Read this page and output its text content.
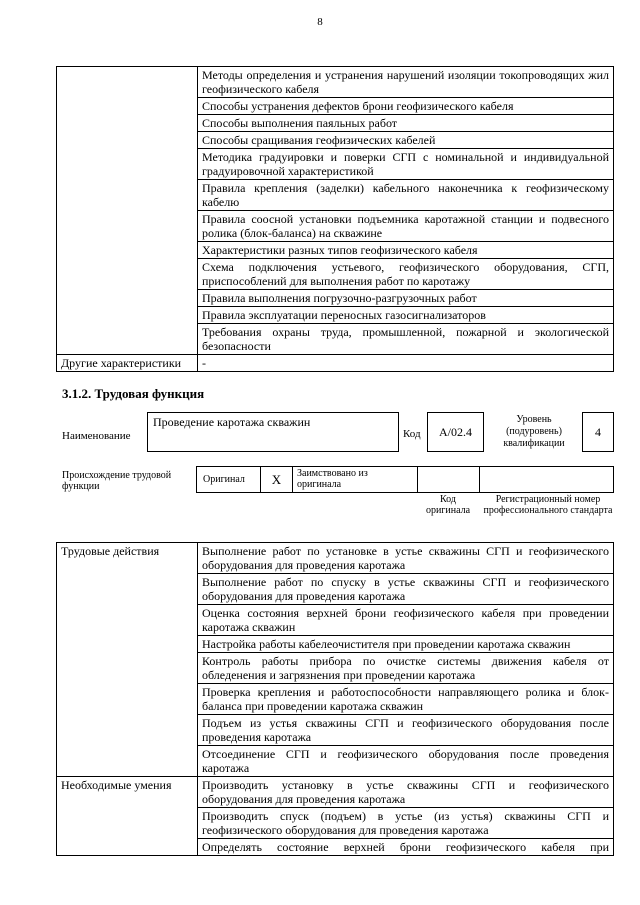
8
	Методы определения и устранения нарушений изоляции токопроводящих жил геофизического кабеля
	Способы устранения дефектов брони геофизического кабеля
	Способы выполнения паяльных работ
	Способы сращивания геофизических кабелей
	Методика градуировки и поверки СГП с номинальной и индивидуальной градуировочной характеристикой
	Правила крепления (заделки) кабельного наконечника к геофизическому кабелю
	Правила соосной установки подъемника каротажной станции и подвесного ролика (блок-баланса) на скважине
	Характеристики разных типов геофизического кабеля
	Схема подключения устьевого, геофизического оборудования, СГП, приспособлений для выполнения работ по каротажу
	Правила выполнения погрузочно-разгрузочных работ
	Правила эксплуатации переносных газосигнализаторов
	Требования охраны труда, промышленной, пожарной и экологической безопасности
Другие характеристики	-
3.1.2. Трудовая функция
Наименование
Проведение каротажа скважин
Код	А/02.4
Уровень (подуровень) квалификации
4
Происхождение трудовой функции
Оригинал	X	Заимствовано из оригинала
Код оригинала
Регистрационный номер профессионального стандарта
Трудовые действия	Выполнение работ по установке в устье скважины СГП и геофизического оборудования для проведения каротажа
	Выполнение работ по спуску в устье скважины СГП и геофизического оборудования для проведения каротажа
	Оценка состояния верхней брони геофизического кабеля при проведении каротажа скважин
	Настройка работы кабелеочистителя при проведении каротажа скважин
	Контроль работы прибора по очистке системы движения кабеля от обледенения и загрязнения при проведении каротажа
	Проверка крепления и работоспособности направляющего ролика и блок-баланса при проведении каротажа скважин
	Подъем из устья скважины СГП и геофизического оборудования после проведения каротажа
	Отсоединение СГП и геофизического оборудования после проведения каротажа
Необходимые умения	Производить установку в устье скважины СГП и геофизического оборудования для проведения каротажа
	Производить спуск (подъем) в устье (из устья) скважины СГП и геофизического оборудования для проведения каротажа
	Определять состояние верхней брони геофизического кабеля при
